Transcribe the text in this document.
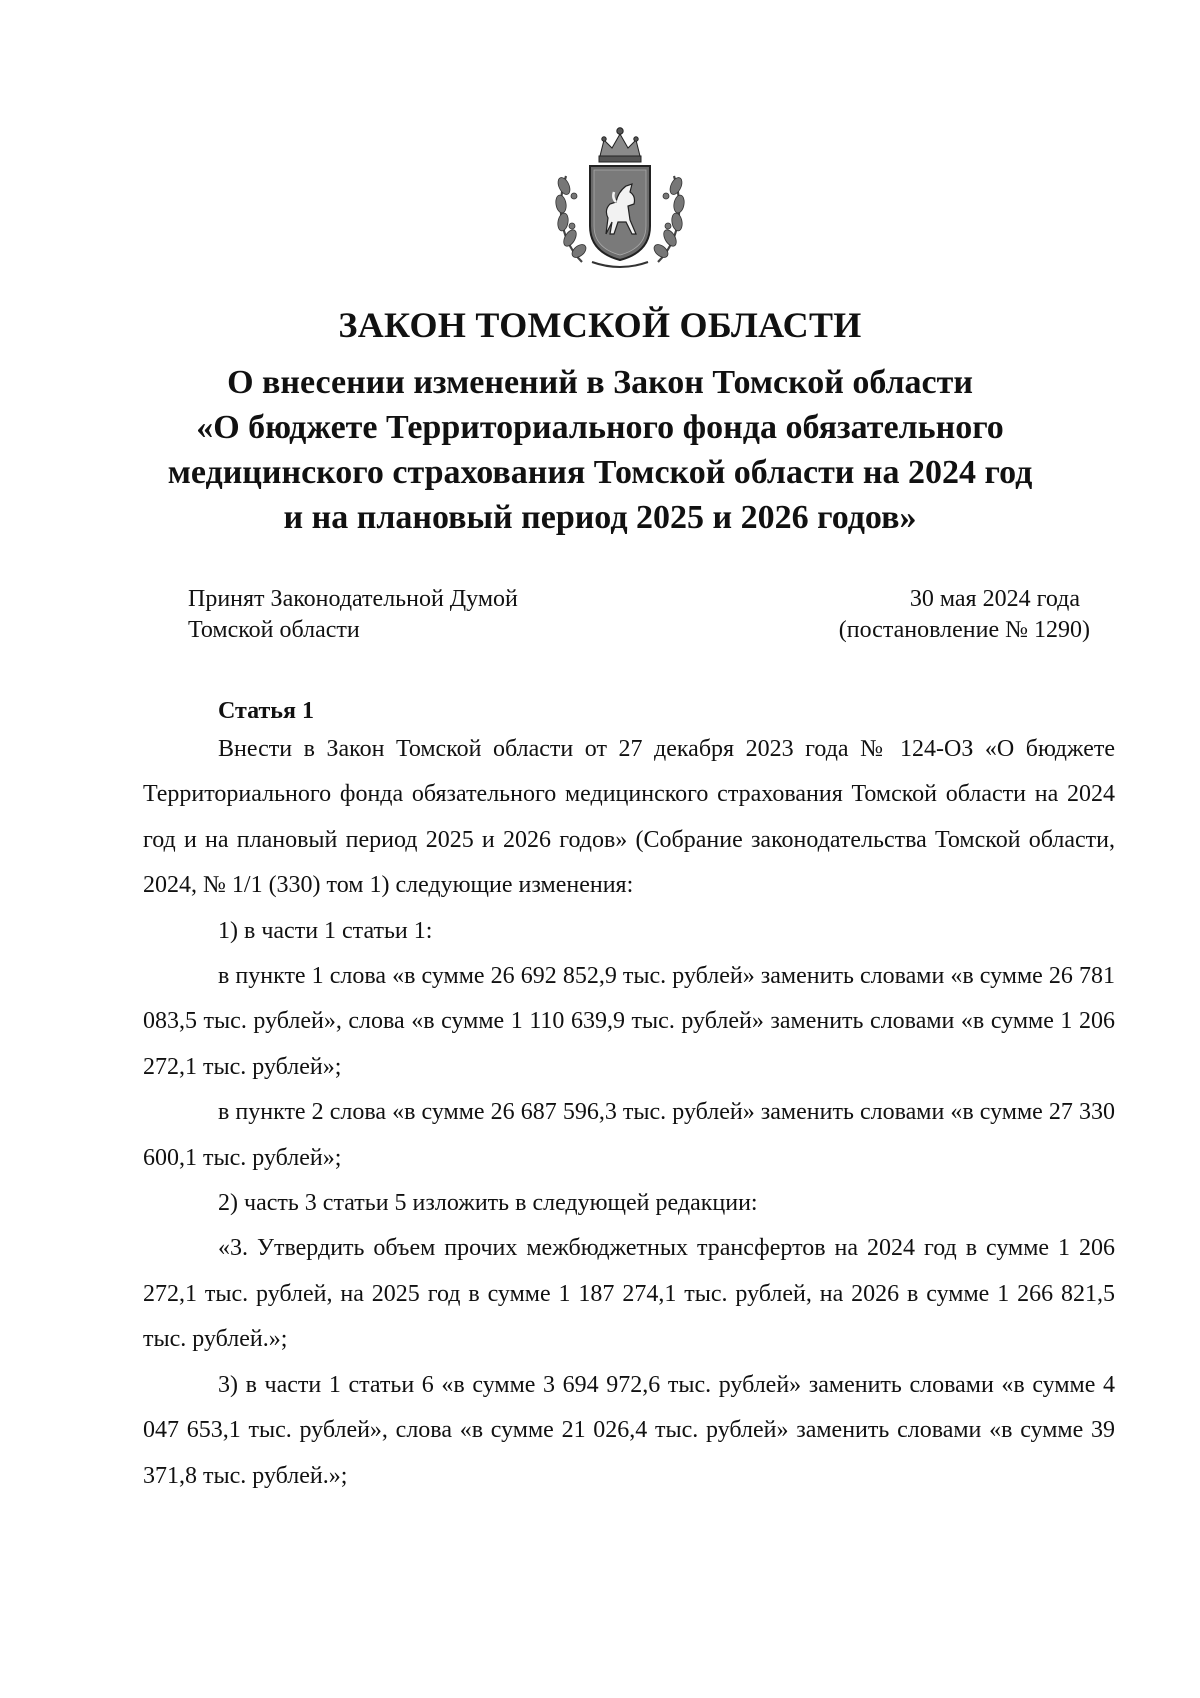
ЗАКОН ТОМСКОЙ ОБЛАСТИ
О внесении изменений в Закон Томской области
«О бюджете Территориального фонда обязательного
медицинского страхования Томской области на 2024 год
и на плановый период 2025 и 2026 годов»
Принят Законодательной Думой
Томской области
30 мая 2024 года
(постановление № 1290)
Статья 1

Внести в Закон Томской области от 27 декабря 2023 года № 124-ОЗ «О бюджете Территориального фонда обязательного медицинского страхования Томской области на 2024 год и на плановый период 2025 и 2026 годов» (Собрание законодательства Томской области, 2024, № 1/1 (330) том 1) следующие изменения:

1) в части 1 статьи 1:

в пункте 1 слова «в сумме 26 692 852,9 тыс. рублей» заменить словами «в сумме 26 781 083,5 тыс. рублей», слова «в сумме 1 110 639,9 тыс. рублей» заменить словами «в сумме 1 206 272,1 тыс. рублей»;

в пункте 2 слова «в сумме 26 687 596,3 тыс. рублей» заменить словами «в сумме 27 330 600,1 тыс. рублей»;

2) часть 3 статьи 5 изложить в следующей редакции:

«3. Утвердить объем прочих межбюджетных трансфертов на 2024 год в сумме 1 206 272,1 тыс. рублей, на 2025 год в сумме 1 187 274,1 тыс. рублей, на 2026 в сумме 1 266 821,5 тыс. рублей.»;

3) в части 1 статьи 6 «в сумме 3 694 972,6 тыс. рублей» заменить словами «в сумме 4 047 653,1 тыс. рублей», слова «в сумме 21 026,4 тыс. рублей» заменить словами «в сумме 39 371,8 тыс. рублей.»;
